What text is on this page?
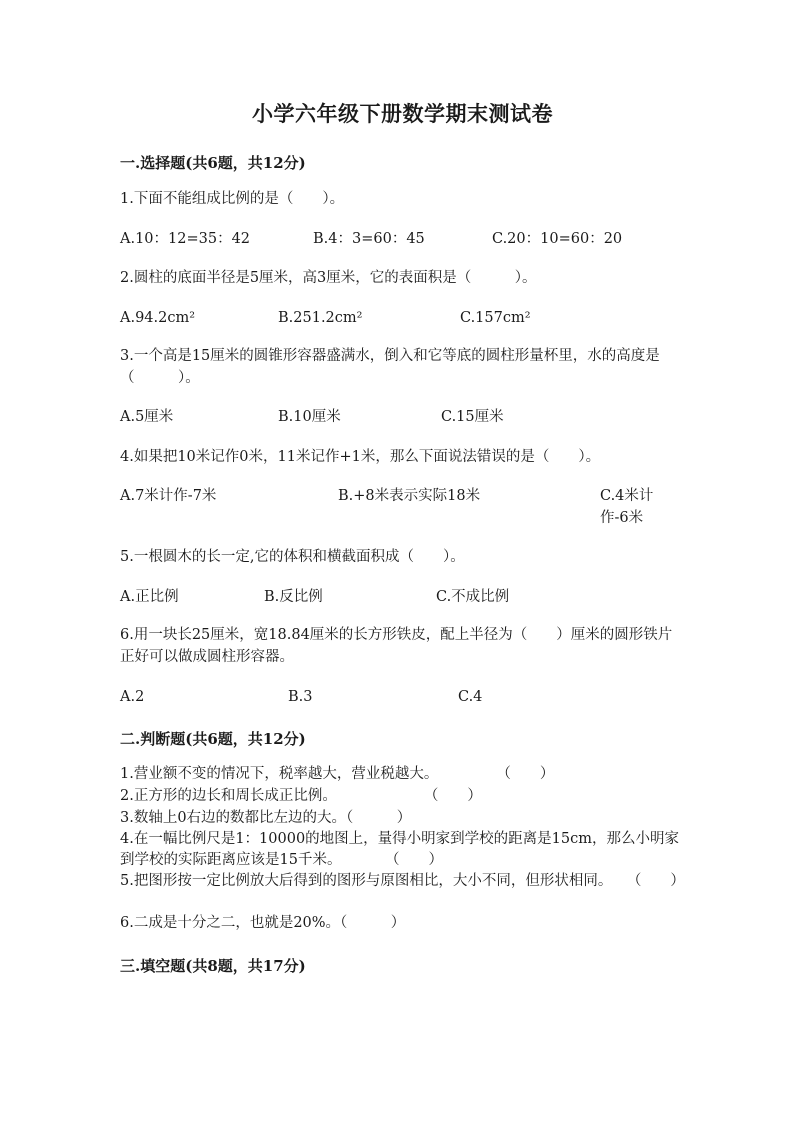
小学六年级下册数学期末测试卷
一.选择题(共6题，共12分)
1.下面不能组成比例的是（　　）。
A.10：12=35：42	B.4：3=60：45	C.20：10=60：20
2.圆柱的底面半径是5厘米，高3厘米，它的表面积是（　　　）。
A.94.2cm²	B.251.2cm²	C.157cm²
3.一个高是15厘米的圆锥形容器盛满水，倒入和它等底的圆柱形量杯里，水的高度是（　　　）。
A.5厘米	B.10厘米	C.15厘米
4.如果把10米记作0米，11米记作+1米，那么下面说法错误的是（　　）。
A.7米计作-7米	B.+8米表示实际18米	C.4米计作-6米
5.一根圆木的长一定,它的体积和横截面积成（　　）。
A.正比例	B.反比例	C.不成比例
6.用一块长25厘米，宽18.84厘米的长方形铁皮，配上半径为（　　）厘米的圆形铁片正好可以做成圆柱形容器。
A.2	B.3	C.4
二.判断题(共6题，共12分)
1.营业额不变的情况下，税率越大，营业税越大。　　　　　（　　）
2.正方形的边长和周长成正比例。　　　　　　　（　　）
3.数轴上0右边的数都比左边的大。（　　　）
4.在一幅比例尺是1：10000的地图上，量得小明家到学校的距离是15cm，那么小明家到学校的实际距离应该是15千米。　　　　（　　）
5.把图形按一定比例放大后得到的图形与原图相比，大小不同，但形状相同。　　（　　）
6.二成是十分之二，也就是20%。（　　　）
三.填空题(共8题，共17分)
